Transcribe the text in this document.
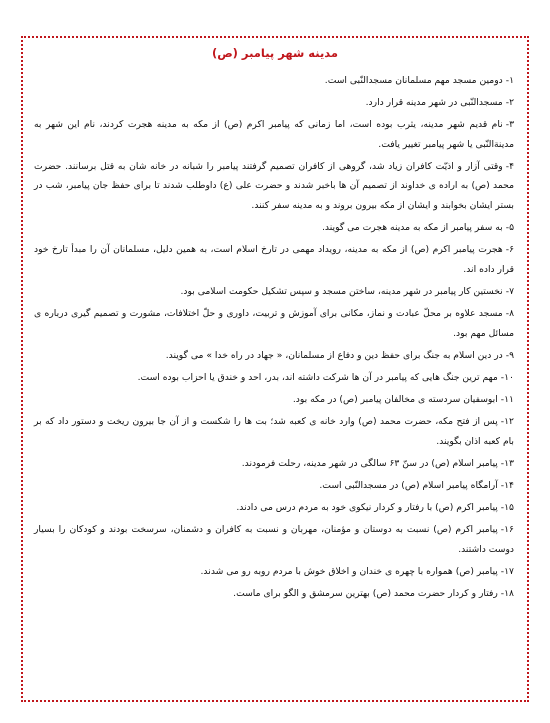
مدینه شهر پیامبر (ص)
۱-دومین مسجد مهم مسلمانان مسجدالنّبی است.
۲-مسجدالنّبی در شهر مدینه قرار دارد.
۳-نام قدیم شهر مدینه، یثرب بوده است، اما زمانی که پیامبر اکرم (ص) از مکه به مدینه هجرت کردند، نام این شهر به مدینةالنّبی یا شهر پیامبر تغییر یافت.
۴-وقتی آزار و اذیّت کافران زیاد شد، گروهی از کافران تصمیم گرفتند پیامبر را شبانه در خانه شان به قتل برسانند. حضرت محمد (ص) به اراده ی خداوند از تصمیم آن ها باخبر شدند و حضرت علی (ع) داوطلب شدند تا برای حفظ جان پیامبر، شب در بستر ایشان بخوابند و ایشان از مکه بیرون بروند و به مدینه سفر کنند.
۵-به سفر پیامبر از مکه به مدینه هجرت می گویند.
۶-هجرت پیامبر اکرم (ص) از مکه به مدینه، رویداد مهمی در تارخ اسلام است، به همین دلیل، مسلمانان آن را مبدأ تارخ خود قرار داده اند.
۷-نخستین کار پیامبر در شهر مدینه، ساختن مسجد و سپس تشکیل حکومت اسلامی بود.
۸-مسجد علاوه بر محلّ عبادت و نماز، مکانی برای آموزش و تربیت، داوری و حلّ اختلافات، مشورت و تصمیم گیری درباره ی مسائل مهم بود.
۹-در دین اسلام به جنگ برای حفظ دین و دفاع از مسلمانان، « جهاد در راه خدا » می گویند.
۱۰-مهم ترین جنگ هایی که پیامبر در آن ها شرکت داشته اند، بدر، احد و خندق یا احزاب بوده است.
۱۱-ابوسفیان سردسته ی مخالفان پیامبر (ص) در مکه بود.
۱۲-پس از فتح مکه، حضرت محمد (ص) وارد خانه ی کعبه شد؛ بت ها را شکست و از آن جا بیرون ریخت و دستور داد که بر بام کعبه اذان بگویند.
۱۳-پیامبر اسلام (ص) در سنّ ۶۳ سالگی در شهر مدینه، رحلت فرمودند.
۱۴-آرامگاه پیامبر اسلام (ص) در مسجدالنّبی است.
۱۵-پیامبر اکرم (ص) با رفتار و کردار نیکوی خود به مردم درس می دادند.
۱۶-پیامبر اکرم (ص) نسبت به دوستان و مؤمنان، مهربان و نسبت به کافران و دشمنان، سرسخت بودند و کودکان را بسیار دوست داشتند.
۱۷-پیامبر (ص) همواره با چهره ی خندان و اخلاق خوش با مردم روبه رو می شدند.
۱۸-رفتار و کردار حضرت محمد (ص) بهترین سرمشق و الگو برای ماست.
